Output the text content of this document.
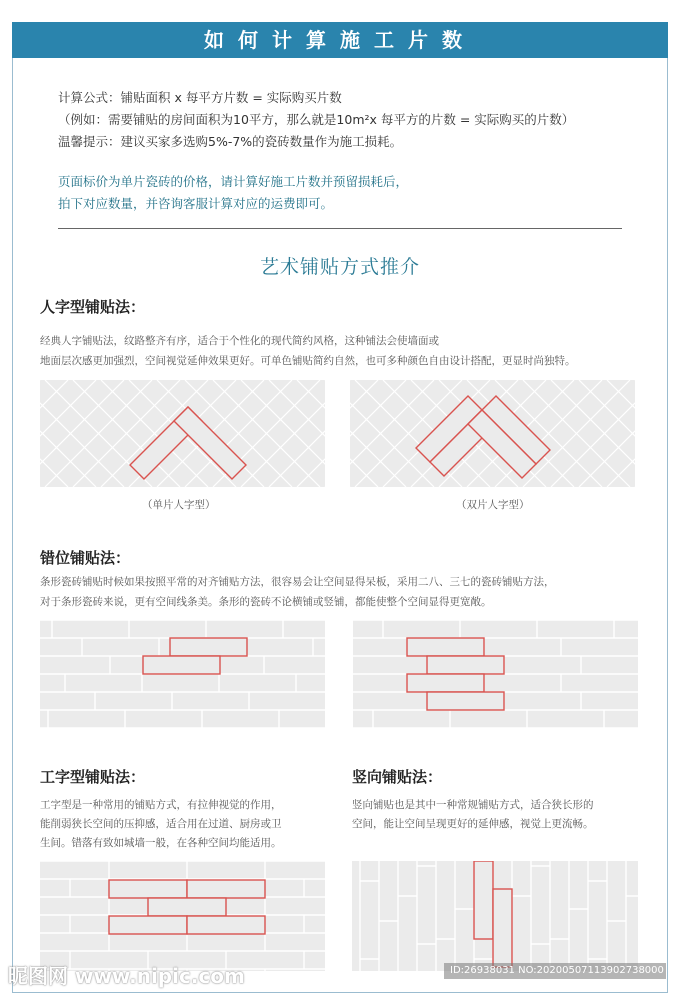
如何计算施工片数
计算公式：铺贴面积 x 每平方片数 = 实际购买片数
（例如：需要铺贴的房间面积为10平方，那么就是10m²x 每平方的片数 = 实际购买的片数）
温馨提示：建议买家多选购5%-7%的瓷砖数量作为施工损耗。
页面标价为单片瓷砖的价格，请计算好施工片数并预留损耗后，
拍下对应数量，并咨询客服计算对应的运费即可。
艺术铺贴方式推介
人字型铺贴法：
经典人字铺贴法，纹路整齐有序，适合于个性化的现代简约风格，这种铺法会使墙面或
地面层次感更加强烈，空间视觉延伸效果更好。可单色铺贴简约自然，也可多种颜色自由设计搭配，更显时尚独特。
（单片人字型）	（双片人字型）
错位铺贴法：
条形瓷砖铺贴时候如果按照平常的对齐铺贴方法，很容易会让空间显得呆板，采用二八、三七的瓷砖铺贴方法，
对于条形瓷砖来说，更有空间线条美。条形的瓷砖不论横铺或竖铺，都能使整个空间显得更宽敞。
工字型铺贴法：
工字型是一种常用的铺贴方式，有拉伸视觉的作用，
能削弱狭长空间的压抑感，适合用在过道、厨房或卫
生间。错落有致如城墙一般，在各种空间均能适用。
竖向铺贴法：
竖向铺贴也是其中一种常规铺贴方式，适合狭长形的
空间，能让空间呈现更好的延伸感，视觉上更流畅。
昵图网 www.nipic.com	ID:26938031 NO:20200507113902738000
